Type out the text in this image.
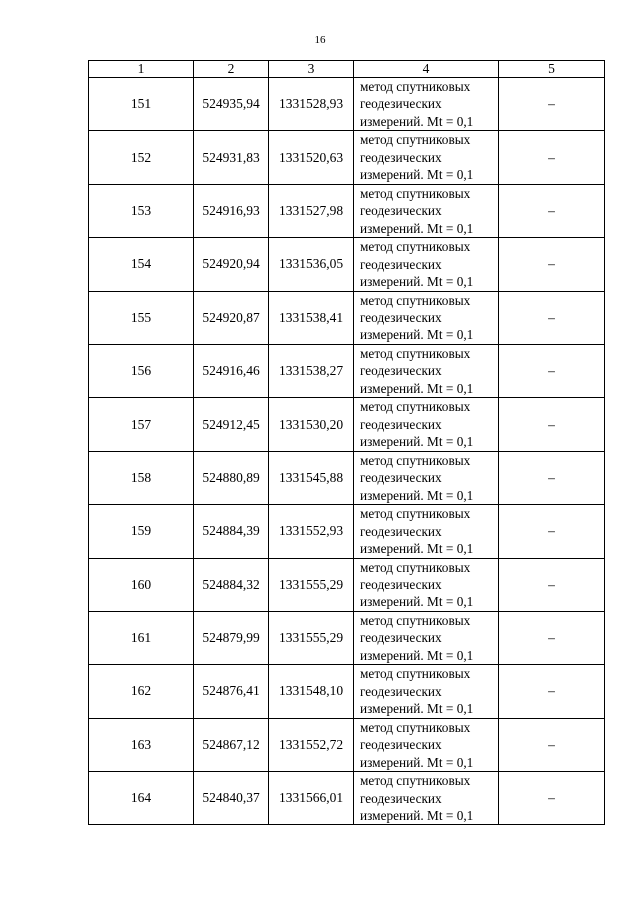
16
1	2	3	4	5
151	524935,94	1331528,93	метод спутниковых
геодезических
измерений. Mt = 0,1	–
152	524931,83	1331520,63	метод спутниковых
геодезических
измерений. Mt = 0,1	–
153	524916,93	1331527,98	метод спутниковых
геодезических
измерений. Mt = 0,1	–
154	524920,94	1331536,05	метод спутниковых
геодезических
измерений. Mt = 0,1	–
155	524920,87	1331538,41	метод спутниковых
геодезических
измерений. Mt = 0,1	–
156	524916,46	1331538,27	метод спутниковых
геодезических
измерений. Mt = 0,1	–
157	524912,45	1331530,20	метод спутниковых
геодезических
измерений. Mt = 0,1	–
158	524880,89	1331545,88	метод спутниковых
геодезических
измерений. Mt = 0,1	–
159	524884,39	1331552,93	метод спутниковых
геодезических
измерений. Mt = 0,1	–
160	524884,32	1331555,29	метод спутниковых
геодезических
измерений. Mt = 0,1	–
161	524879,99	1331555,29	метод спутниковых
геодезических
измерений. Mt = 0,1	–
162	524876,41	1331548,10	метод спутниковых
геодезических
измерений. Mt = 0,1	–
163	524867,12	1331552,72	метод спутниковых
геодезических
измерений. Mt = 0,1	–
164	524840,37	1331566,01	метод спутниковых
геодезических
измерений. Mt = 0,1	–
